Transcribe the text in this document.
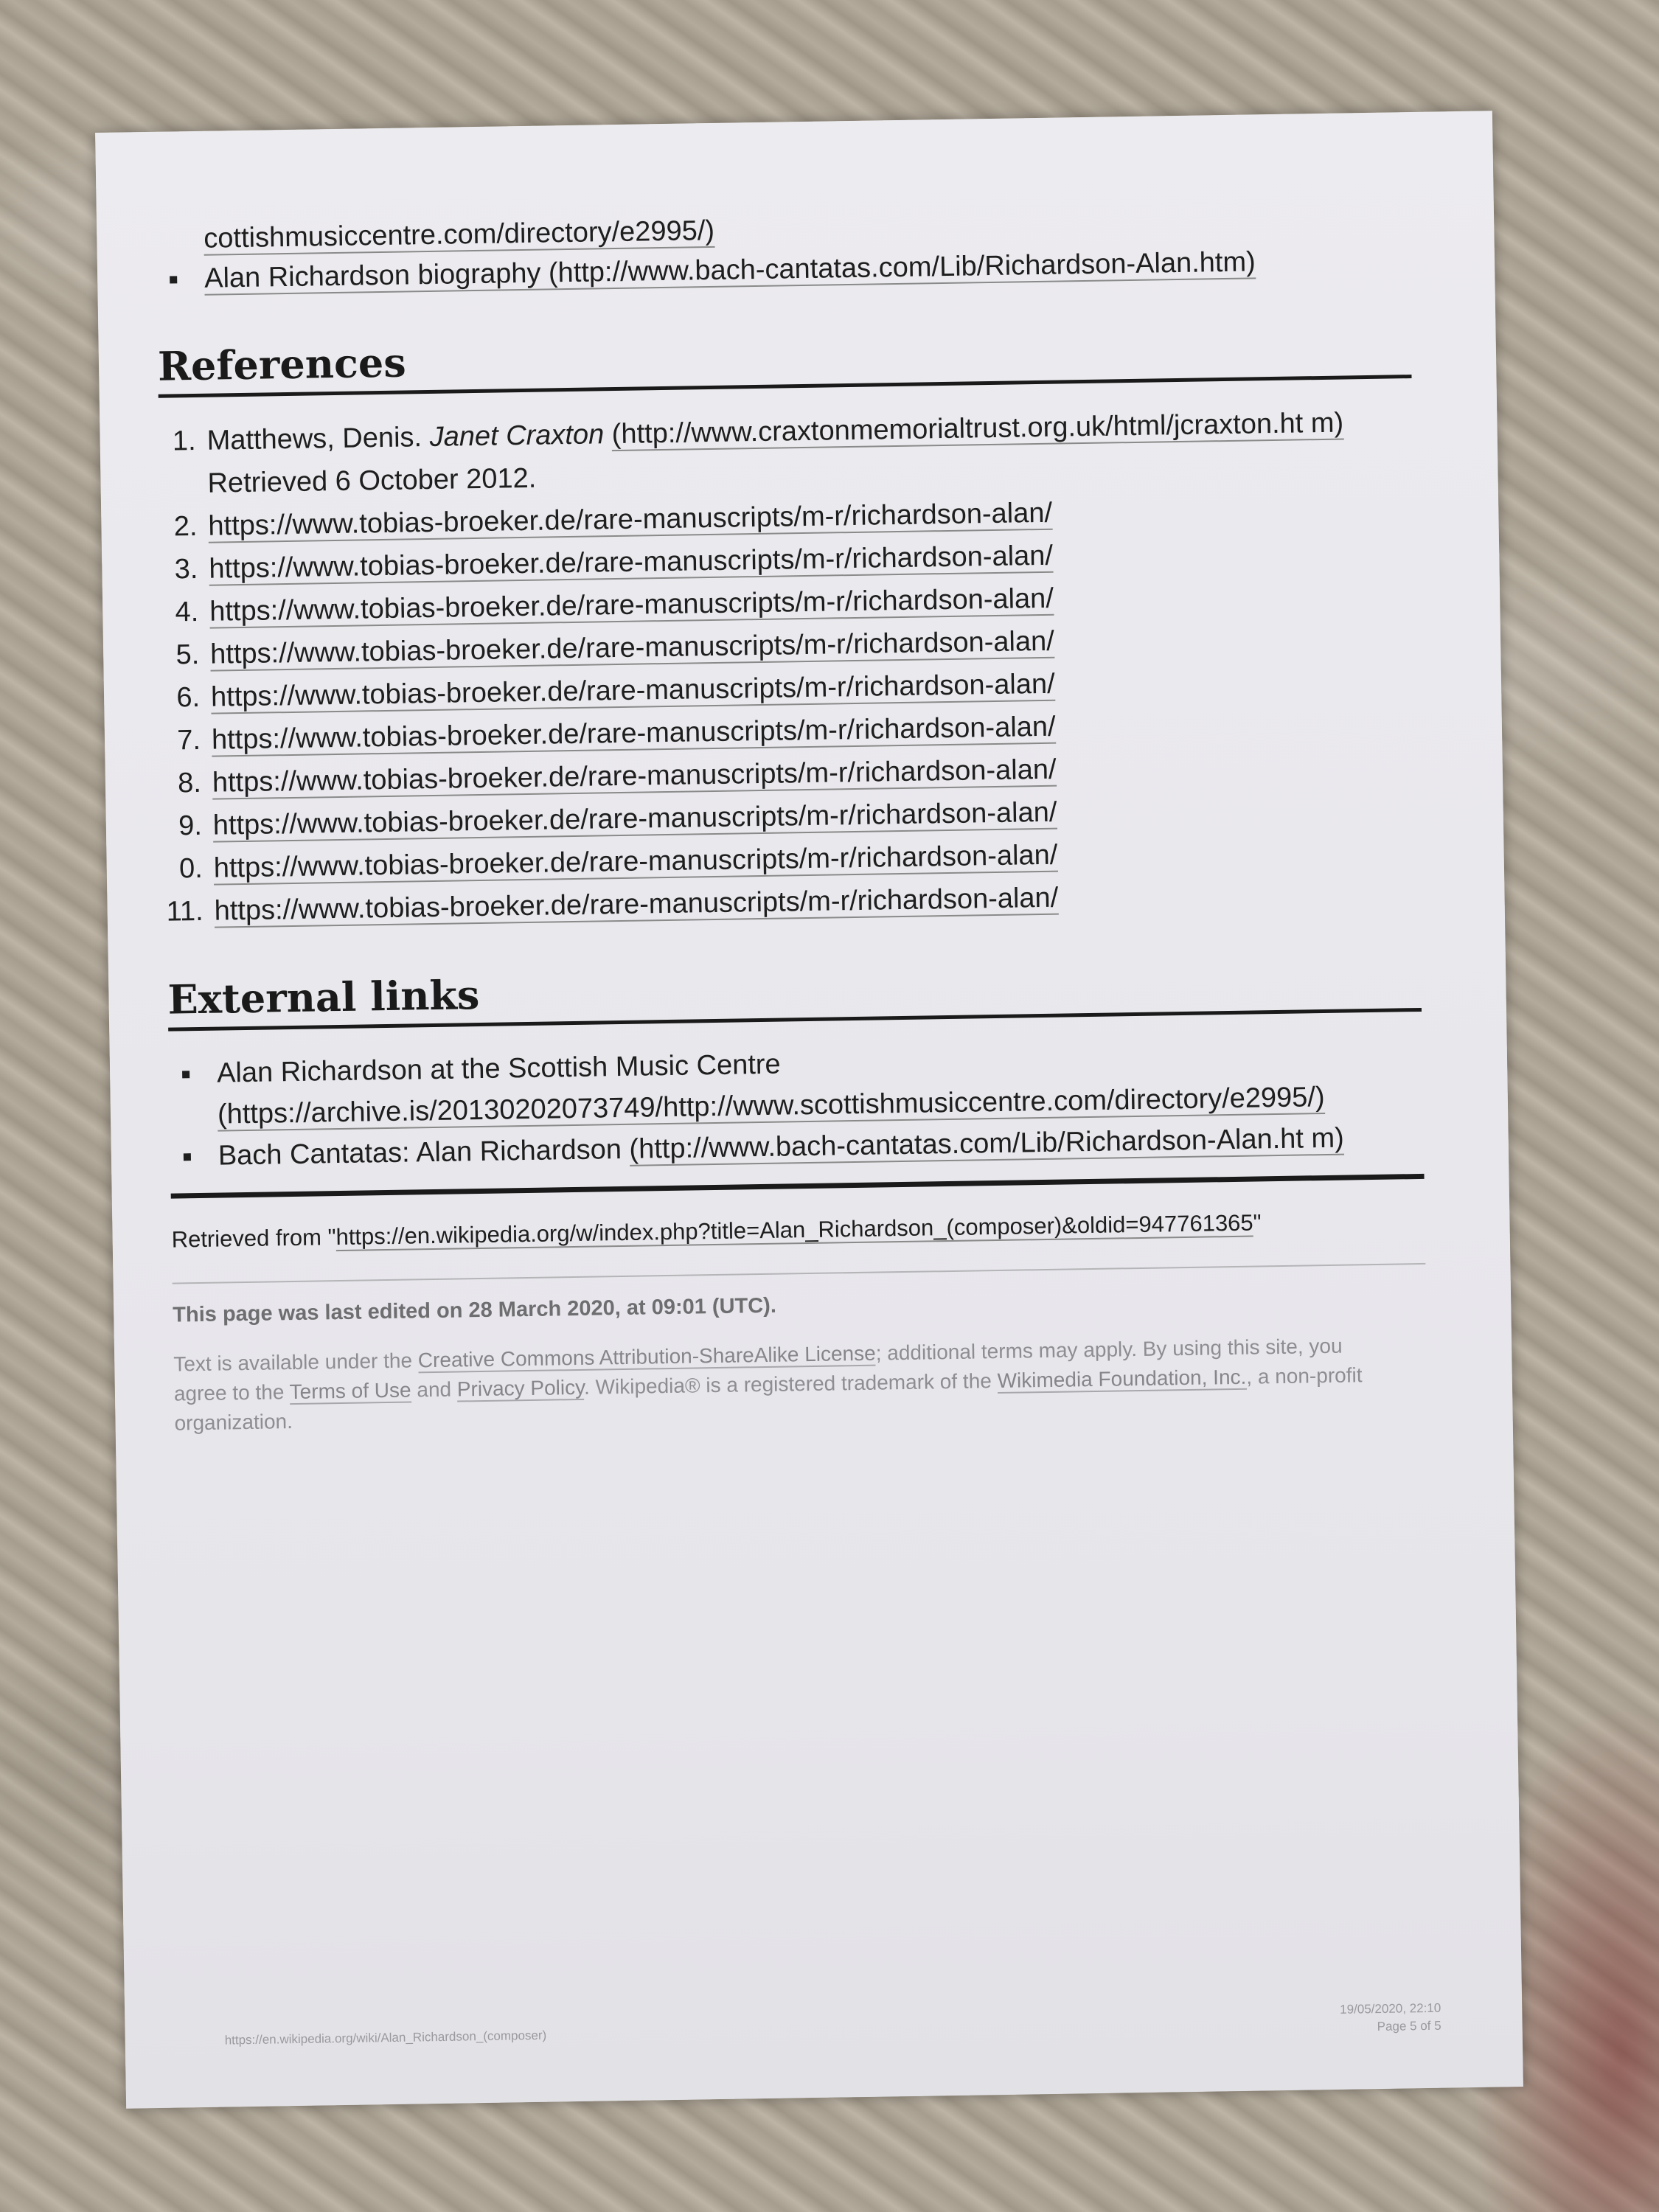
cottishmusiccentre.com/directory/e2995/)
Alan Richardson biography (http://www.bach-cantatas.com/Lib/Richardson-Alan.htm)
References
1. Matthews, Denis. Janet Craxton (http://www.craxtonmemorialtrust.org.uk/html/jcraxton.ht m) Retrieved 6 October 2012.
2. https://www.tobias-broeker.de/rare-manuscripts/m-r/richardson-alan/
3. https://www.tobias-broeker.de/rare-manuscripts/m-r/richardson-alan/
4. https://www.tobias-broeker.de/rare-manuscripts/m-r/richardson-alan/
5. https://www.tobias-broeker.de/rare-manuscripts/m-r/richardson-alan/
6. https://www.tobias-broeker.de/rare-manuscripts/m-r/richardson-alan/
7. https://www.tobias-broeker.de/rare-manuscripts/m-r/richardson-alan/
8. https://www.tobias-broeker.de/rare-manuscripts/m-r/richardson-alan/
9. https://www.tobias-broeker.de/rare-manuscripts/m-r/richardson-alan/
0. https://www.tobias-broeker.de/rare-manuscripts/m-r/richardson-alan/
11. https://www.tobias-broeker.de/rare-manuscripts/m-r/richardson-alan/
External links
Alan Richardson at the Scottish Music Centre (https://archive.is/20130202073749/http://www.scottishmusiccentre.com/directory/e2995/)
Bach Cantatas: Alan Richardson (http://www.bach-cantatas.com/Lib/Richardson-Alan.ht m)
Retrieved from "https://en.wikipedia.org/w/index.php?title=Alan_Richardson_(composer)&oldid=947761365"
This page was last edited on 28 March 2020, at 09:01 (UTC).
Text is available under the Creative Commons Attribution-ShareAlike License; additional terms may apply. By using this site, you agree to the Terms of Use and Privacy Policy. Wikipedia® is a registered trademark of the Wikimedia Foundation, Inc., a non-profit organization.
https://en.wikipedia.org/wiki/Alan_Richardson_(composer)
19/05/2020, 22:10
Page 5 of 5
